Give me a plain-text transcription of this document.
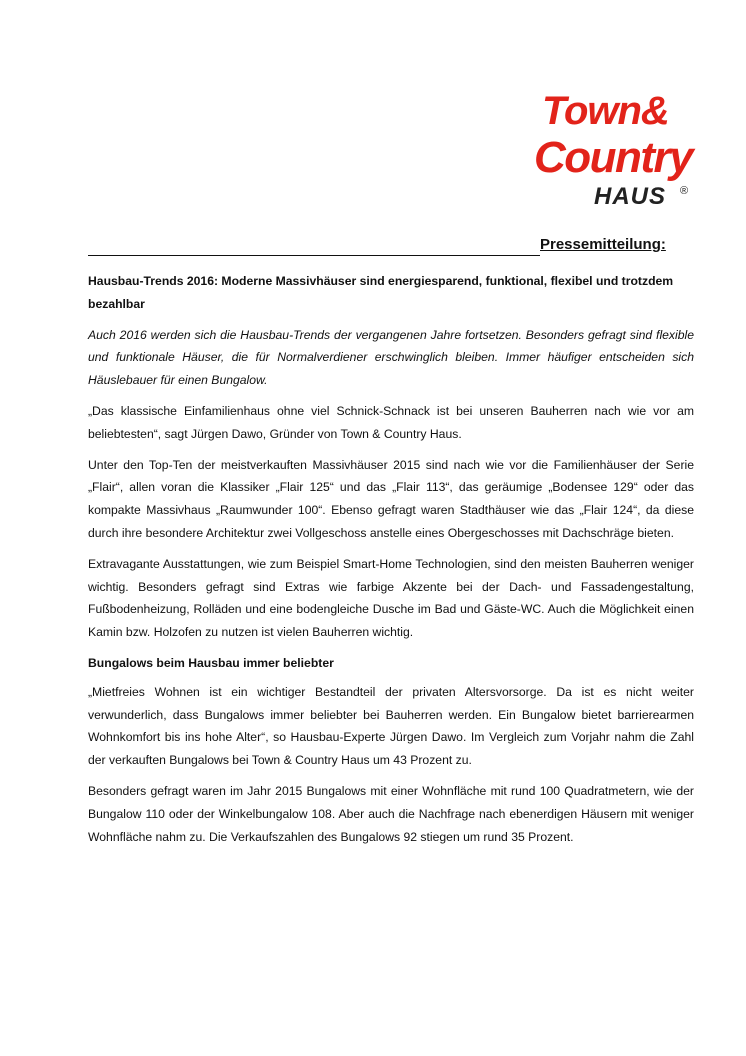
Town&
Country
HAUS ®
Pressemitteilung:

Hausbau-Trends 2016: Moderne Massivhäuser sind energiesparend, funktional, flexibel und trotzdem bezahlbar

Auch 2016 werden sich die Hausbau-Trends der vergangenen Jahre fortsetzen. Besonders gefragt sind flexible und funktionale Häuser, die für Normalverdiener erschwinglich bleiben. Immer häufiger entscheiden sich Häuslebauer für einen Bungalow.

„Das klassische Einfamilienhaus ohne viel Schnick-Schnack ist bei unseren Bauherren nach wie vor am beliebtesten“, sagt Jürgen Dawo, Gründer von Town & Country Haus.

Unter den Top-Ten der meistverkauften Massivhäuser 2015 sind nach wie vor die Familienhäuser der Serie „Flair“, allen voran die Klassiker „Flair 125“ und das „Flair 113“, das geräumige „Bodensee 129“ oder das kompakte Massivhaus „Raumwunder 100“. Ebenso gefragt waren Stadthäuser wie das „Flair 124“, da diese durch ihre besondere Architektur zwei Vollgeschoss anstelle eines Obergeschosses mit Dachschräge bieten.

Extravagante Ausstattungen, wie zum Beispiel Smart-Home Technologien, sind den meisten Bauherren weniger wichtig. Besonders gefragt sind Extras wie farbige Akzente bei der Dach- und Fassadengestaltung, Fußbodenheizung, Rolläden und eine bodengleiche Dusche im Bad und Gäste-WC. Auch die Möglichkeit einen Kamin bzw. Holzofen zu nutzen ist vielen Bauherren wichtig.

Bungalows beim Hausbau immer beliebter

„Mietfreies Wohnen ist ein wichtiger Bestandteil der privaten Altersvorsorge. Da ist es nicht weiter verwunderlich, dass Bungalows immer beliebter bei Bauherren werden. Ein Bungalow bietet barrierearmen Wohnkomfort bis ins hohe Alter“, so Hausbau-Experte Jürgen Dawo. Im Vergleich zum Vorjahr nahm die Zahl der verkauften Bungalows bei Town & Country Haus um 43 Prozent zu.

Besonders gefragt waren im Jahr 2015 Bungalows mit einer Wohnfläche mit rund 100 Quadratmetern, wie der Bungalow 110 oder der Winkelbungalow 108. Aber auch die Nachfrage nach ebenerdigen Häusern mit weniger Wohnfläche nahm zu. Die Verkaufszahlen des Bungalows 92 stiegen um rund 35 Prozent.
